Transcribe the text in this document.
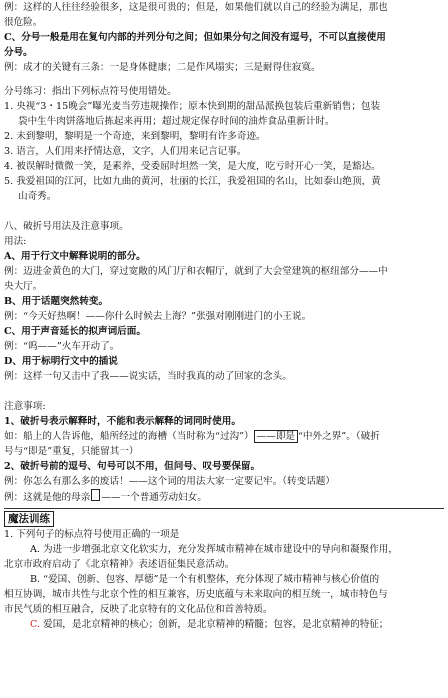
例：这样的人往往经验很多，这是很可贵的；但是，如果他们就以自己的经验为满足，那也
很危险。
C、分号一般是用在复句内部的并列分句之间；但如果分句之间没有逗号，不可以直接使用
分号。
例：成才的关键有三条：一是身体健康；二是作风塌实；三是耐得住寂寞。
分号练习：指出下列标点符号使用错处。
1. 央视“3・15晚会”曝光麦当劳违规操作；原本快到期的甜品派换包装后重新销售；包装
袋中生牛肉饼落地后拣起来再用；超过规定保存时间的油炸食品重新计时。
2. 未到黎明，黎明是一个奇迹，来到黎明，黎明有许多奇迹。
3. 语言，人们用来抒情达意，文字，人们用来记言记事。
4. 被误解时微微一笑，是素养，受委屈时坦然一笑，是大度，吃亏时开心一笑，是豁达。
5. 我爱祖国的江河，比如九曲的黄河，壮丽的长江，我爱祖国的名山，比如泰山绝顶，黄
山奇秀。
八、破折号用法及注意事项。
用法:
A、用于行文中解释说明的部分。
例：迈进金黄色的大门，穿过宽敞的风门厅和衣帽厅，就到了大会堂建筑的枢纽部分——中
央大厅。
B、用于话题突然转变。
例：“今天好热啊！——你什么时候去上海？”张强对刚刚进门的小王说。
C、用于声音延长的拟声词后面。
例：“呜——”火车开动了。
D、用于标明行文中的插说
例：这样一句又击中了我——说实话，当时我真的动了回家的念头。
注意事项:
1、破折号表示解释时，不能和表示解释的词同时使用。
如：船上的人告诉他，船所经过的海槽（当时称为“过沟”） ——即是 “中外之界”。（破折
号与“即是”重复，只能留其一）
2、破折号前的逗号、句号可以不用，但问号、叹号要保留。
例：你怎么有那么多的废话！——这个词的用法大家一定要记牢。（转变话题）
例：这就是他的母亲 ——一个普通劳动妇女。
魔法训练
1. 下列句子的标点符号使用正确的一项是
A. 为进一步增强北京文化软实力，充分发挥城市精神在城市建设中的导向和凝聚作用，
北京市政府启动了《北京精神》表述语征集民意活动。
B. “爱国、创新、包容、厚德”是一个有机整体，充分体现了城市精神与核心价值的
相互协调，城市共性与北京个性的相互兼容，历史底蕴与未来取向的相互统一，城市特色与
市民气质的相互融合，反映了北京特有的文化品位和首善特质。
C. 爱国，是北京精神的核心；创新，是北京精神的精髓；包容，是北京精神的特征；
